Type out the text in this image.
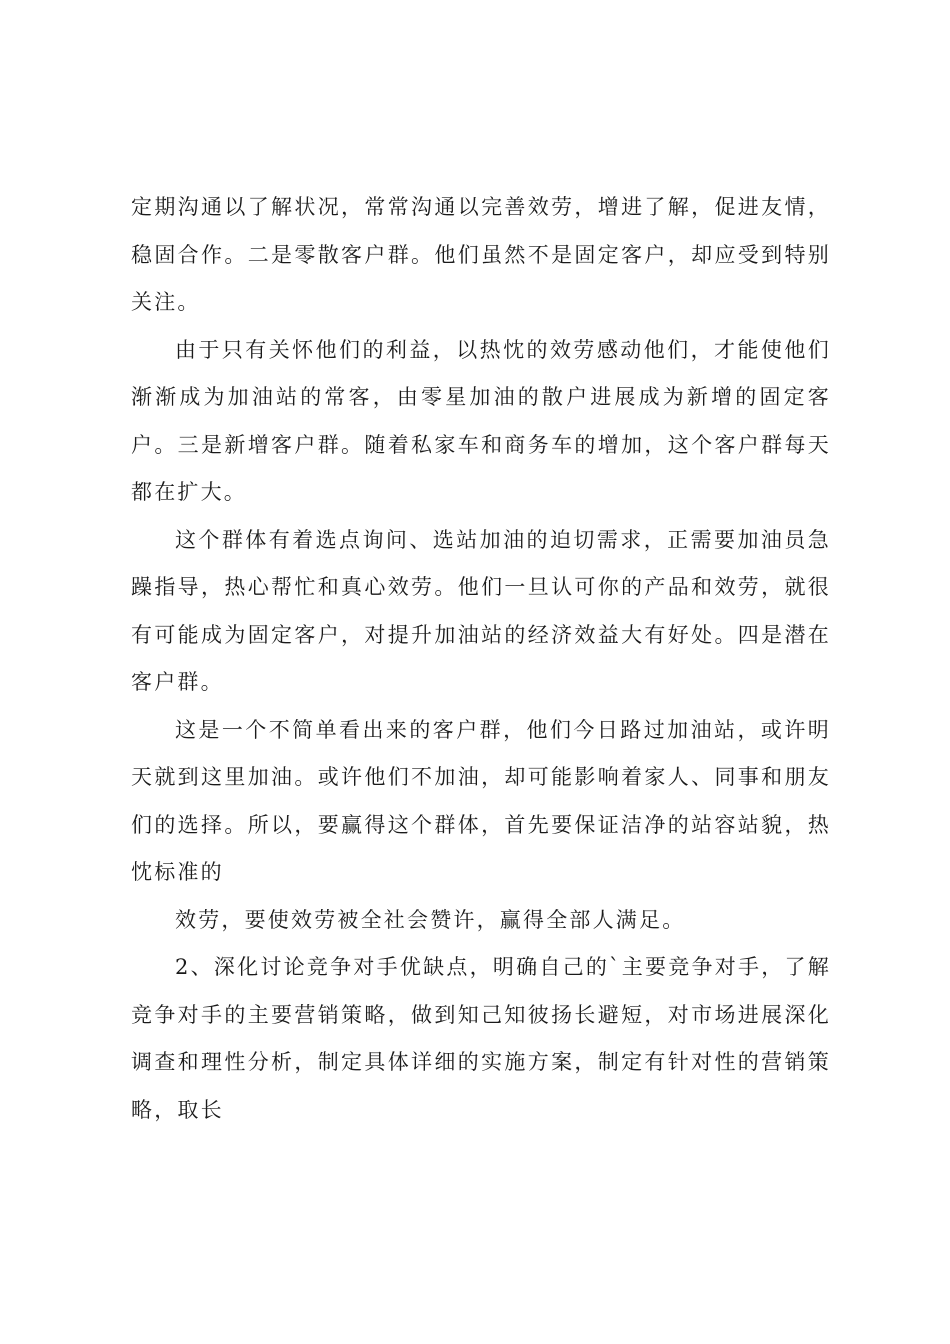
定期沟通以了解状况，常常沟通以完善效劳，增进了解，促进友情，稳固合作。二是零散客户群。他们虽然不是固定客户，却应受到特别关注。

由于只有关怀他们的利益，以热忱的效劳感动他们，才能使他们渐渐成为加油站的常客，由零星加油的散户进展成为新增的固定客户。三是新增客户群。随着私家车和商务车的增加，这个客户群每天都在扩大。

这个群体有着选点询问、选站加油的迫切需求，正需要加油员急躁指导，热心帮忙和真心效劳。他们一旦认可你的产品和效劳，就很有可能成为固定客户，对提升加油站的经济效益大有好处。四是潜在客户群。

这是一个不简单看出来的客户群，他们今日路过加油站，或许明天就到这里加油。或许他们不加油，却可能影响着家人、同事和朋友们的选择。所以，要赢得这个群体，首先要保证洁净的站容站貌，热忱标准的

效劳，要使效劳被全社会赞许，赢得全部人满足。

2、深化讨论竞争对手优缺点，明确自己的`主要竞争对手，了解竞争对手的主要营销策略，做到知己知彼扬长避短，对市场进展深化调查和理性分析，制定具体详细的实施方案，制定有针对性的营销策略，取长
